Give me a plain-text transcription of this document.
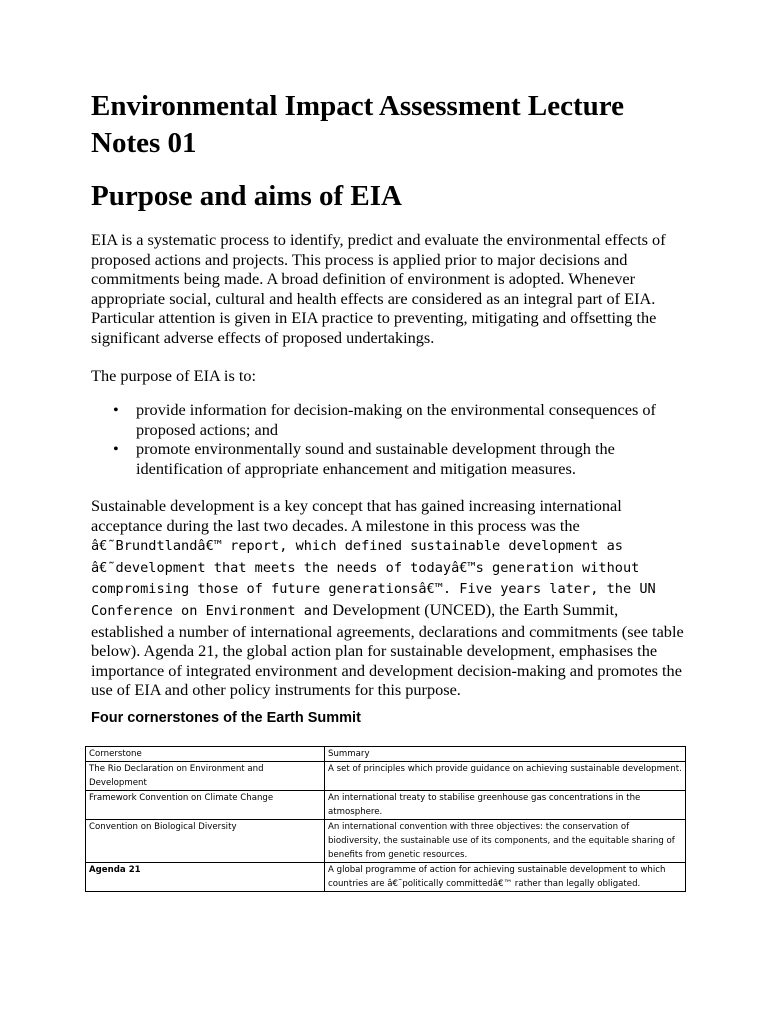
Environmental Impact Assessment Lecture Notes 01
Purpose and aims of EIA

EIA is a systematic process to identify, predict and evaluate the environmental effects of proposed actions and projects. This process is applied prior to major decisions and commitments being made. A broad definition of environment is adopted. Whenever appropriate social, cultural and health effects are considered as an integral part of EIA. Particular attention is given in EIA practice to preventing, mitigating and offsetting the significant adverse effects of proposed undertakings.

The purpose of EIA is to:

• provide information for decision-making on the environmental consequences of proposed actions; and
• promote environmentally sound and sustainable development through the identification of appropriate enhancement and mitigation measures.

Sustainable development is a key concept that has gained increasing international acceptance during the last two decades. A milestone in this process was the â€˜Brundtlandâ€™ report, which defined sustainable development as â€˜development that meets the needs of todayâ€™s generation without compromising those of future generationsâ€™. Five years later, the UN Conference on Environment and Development (UNCED), the Earth Summit, established a number of international agreements, declarations and commitments (see table below). Agenda 21, the global action plan for sustainable development, emphasises the importance of integrated environment and development decision-making and promotes the use of EIA and other policy instruments for this purpose.

Four cornerstones of the Earth Summit

Cornerstone	Summary
The Rio Declaration on Environment and Development	A set of principles which provide guidance on achieving sustainable development.
Framework Convention on Climate Change	An international treaty to stabilise greenhouse gas concentrations in the atmosphere.
Convention on Biological Diversity	An international convention with three objectives: the conservation of biodiversity, the sustainable use of its components, and the equitable sharing of benefits from genetic resources.
Agenda 21	A global programme of action for achieving sustainable development to which countries are â€˜politically committedâ€™ rather than legally obligated.
